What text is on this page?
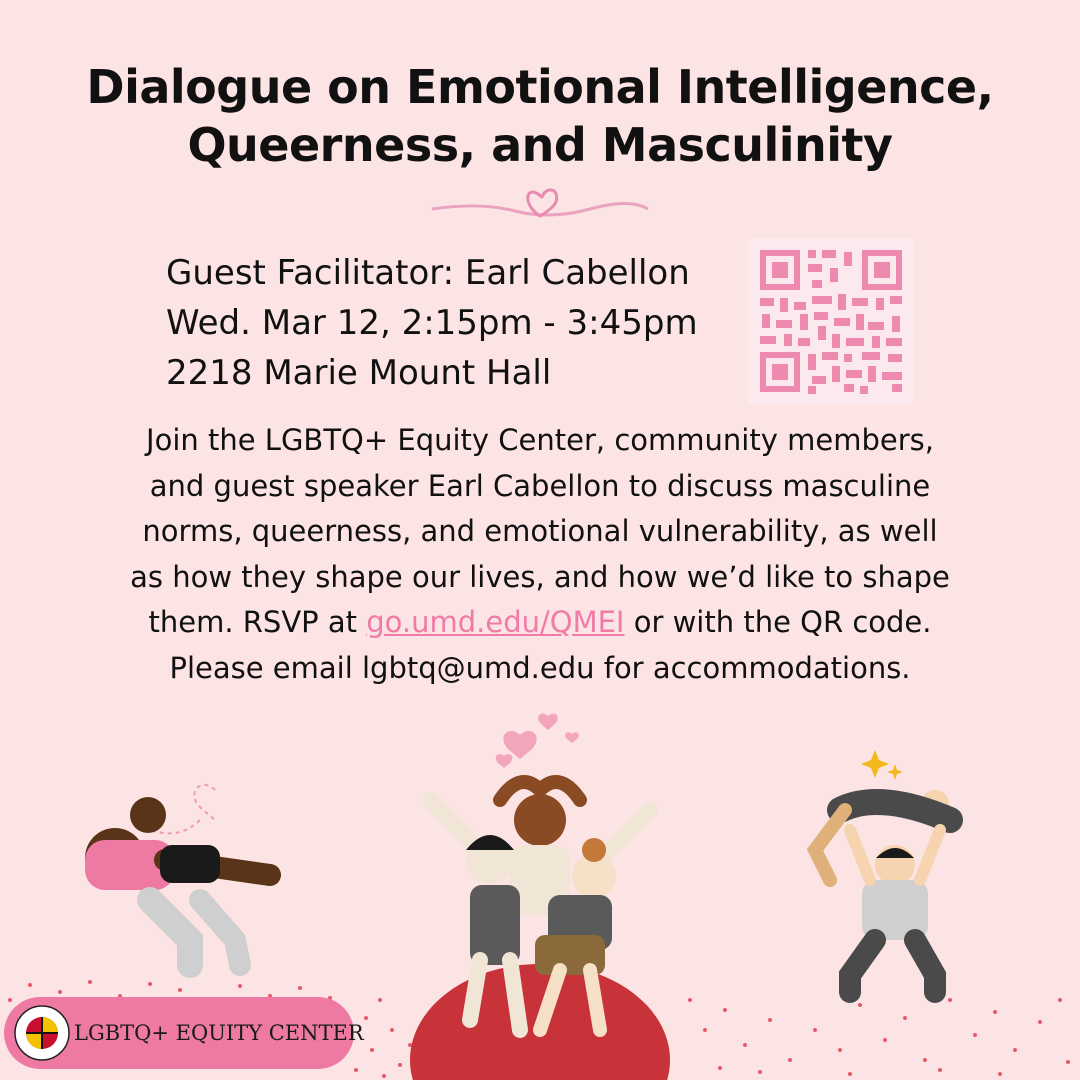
Dialogue on Emotional Intelligence,
Queerness, and Masculinity
Guest Facilitator: Earl Cabellon
Wed. Mar 12, 2:15pm - 3:45pm
2218 Marie Mount Hall
Join the LGBTQ+ Equity Center, community members,
and guest speaker Earl Cabellon to discuss masculine
norms, queerness, and emotional vulnerability, as well
as how they shape our lives, and how we’d like to shape
them. RSVP at go.umd.edu/QMEI or with the QR code.
Please email lgbtq@umd.edu for accommodations.
LGBTQ+ EQUITY CENTER
